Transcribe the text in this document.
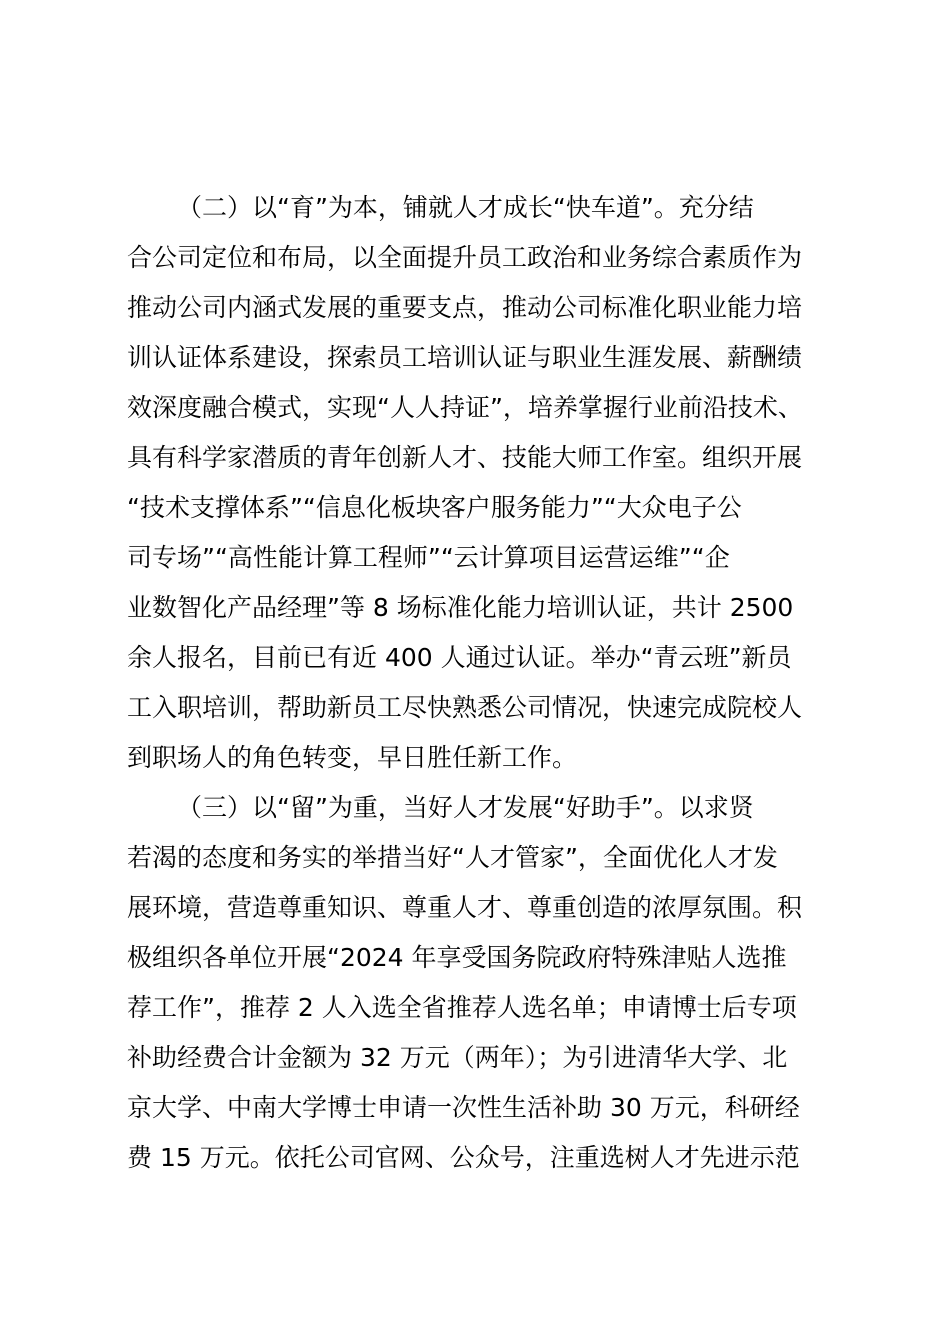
（二）以“育”为本，铺就人才成长“快车道”。充分结
合公司定位和布局，以全面提升员工政治和业务综合素质作为
推动公司内涵式发展的重要支点，推动公司标准化职业能力培
训认证体系建设，探索员工培训认证与职业生涯发展、薪酬绩
效深度融合模式，实现“人人持证”，培养掌握行业前沿技术、
具有科学家潜质的青年创新人才、技能大师工作室。组织开展
“技术支撑体系”“信息化板块客户服务能力”“大众电子公
司专场”“高性能计算工程师”“云计算项目运营运维”“企
业数智化产品经理”等 8 场标准化能力培训认证，共计 2500
余人报名，目前已有近 400 人通过认证。举办“青云班”新员
工入职培训，帮助新员工尽快熟悉公司情况，快速完成院校人
到职场人的角色转变，早日胜任新工作。
（三）以“留”为重，当好人才发展“好助手”。以求贤
若渴的态度和务实的举措当好“人才管家”，全面优化人才发
展环境，营造尊重知识、尊重人才、尊重创造的浓厚氛围。积
极组织各单位开展“2024 年享受国务院政府特殊津贴人选推
荐工作”，推荐 2 人入选全省推荐人选名单；申请博士后专项
补助经费合计金额为 32 万元（两年）；为引进清华大学、北
京大学、中南大学博士申请一次性生活补助 30 万元，科研经
费 15 万元。依托公司官网、公众号，注重选树人才先进示范
